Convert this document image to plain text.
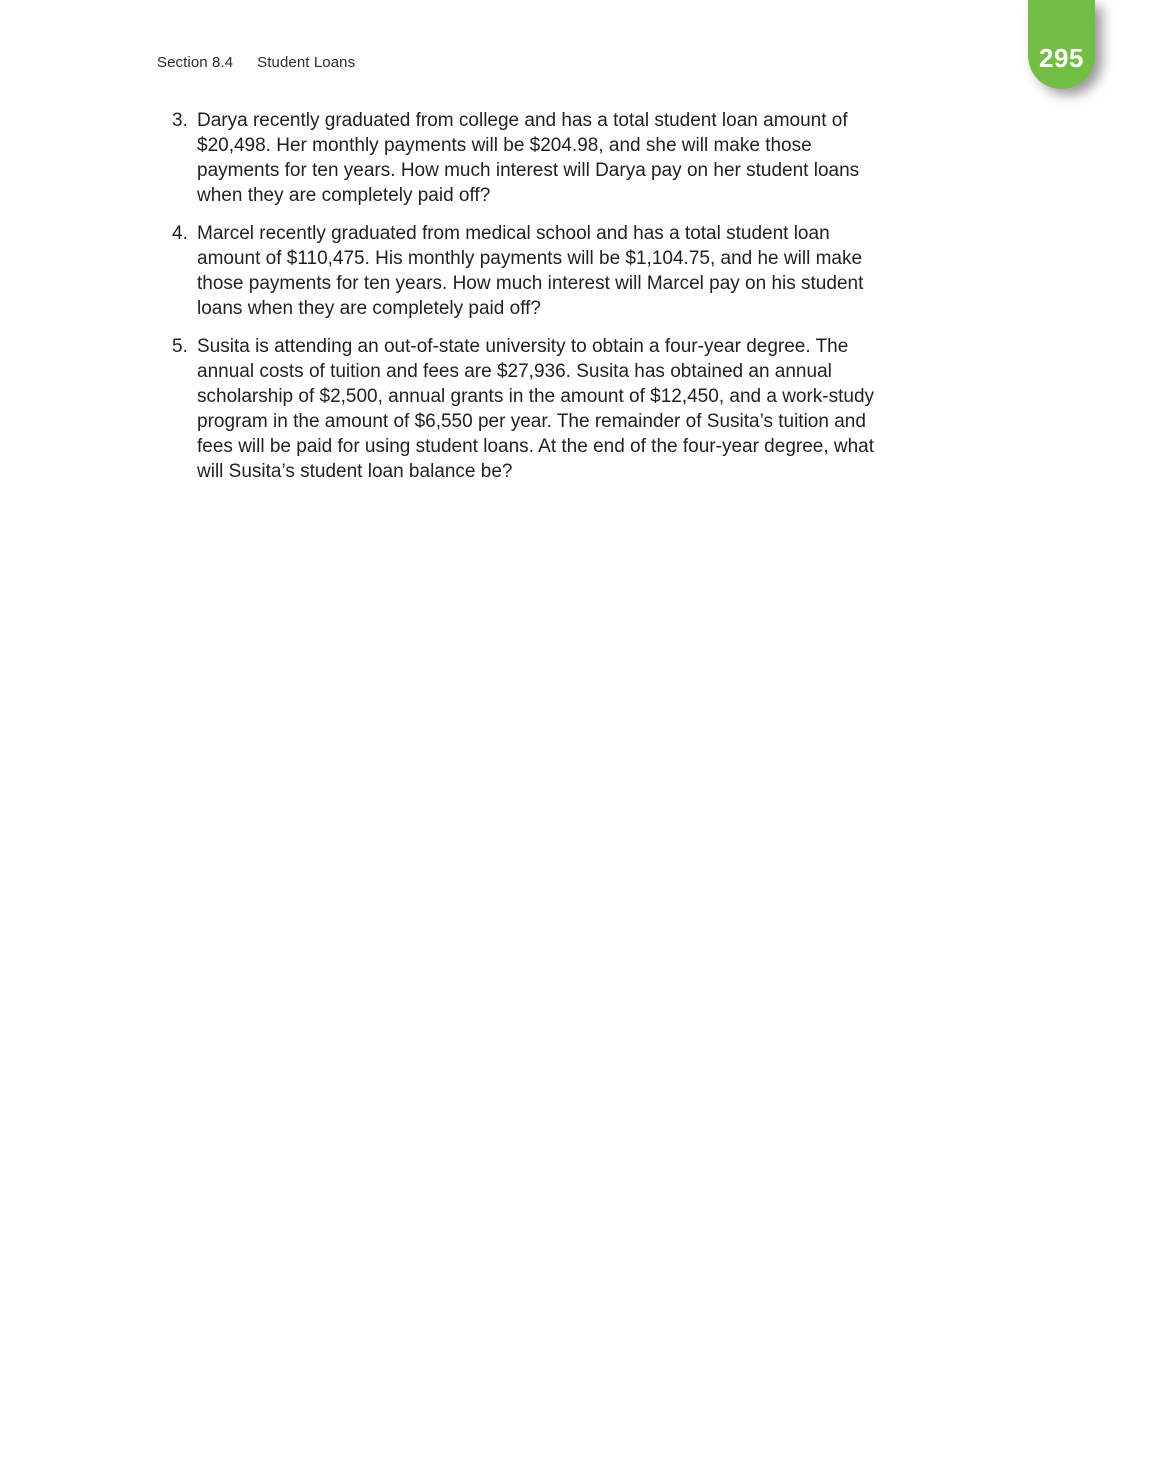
Section 8.4 Student Loans	295
3. Darya recently graduated from college and has a total student loan amount of $20,498. Her monthly payments will be $204.98, and she will make those payments for ten years. How much interest will Darya pay on her student loans when they are completely paid off?
4. Marcel recently graduated from medical school and has a total student loan amount of $110,475. His monthly payments will be $1,104.75, and he will make those payments for ten years. How much interest will Marcel pay on his student loans when they are completely paid off?
5. Susita is attending an out-of-state university to obtain a four-year degree. The annual costs of tuition and fees are $27,936. Susita has obtained an annual scholarship of $2,500, annual grants in the amount of $12,450, and a work-study program in the amount of $6,550 per year. The remainder of Susita’s tuition and fees will be paid for using student loans. At the end of the four-year degree, what will Susita’s student loan balance be?
